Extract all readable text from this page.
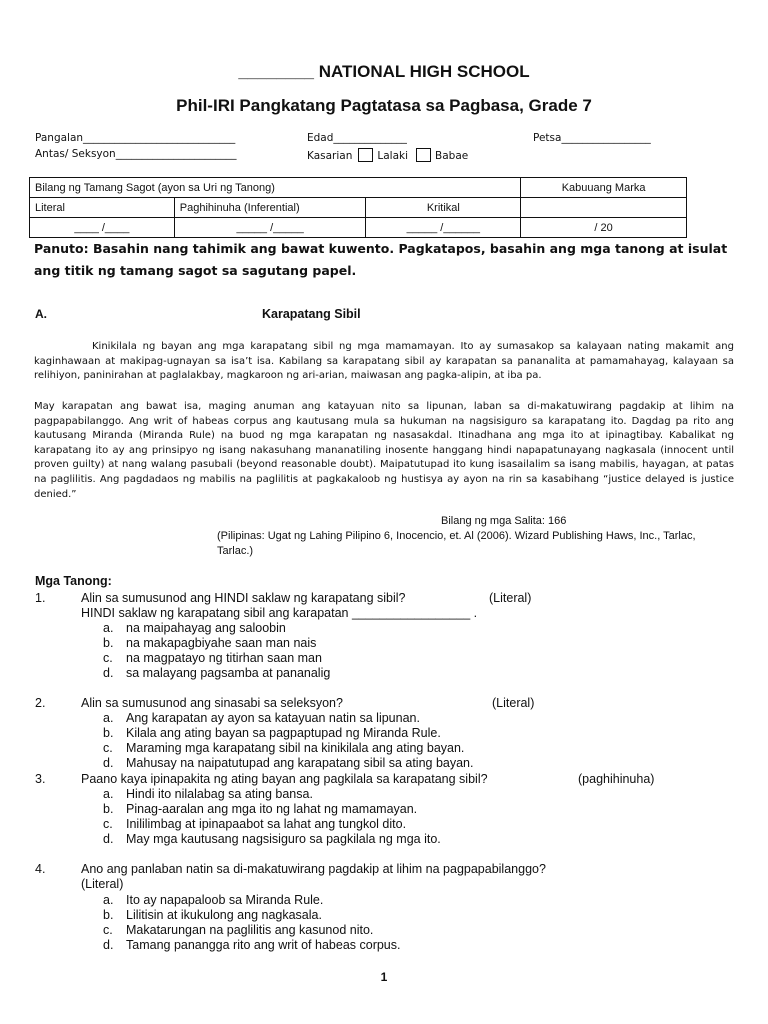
________ NATIONAL HIGH SCHOOL
Phil-IRI Pangkatang Pagtatasa sa Pagbasa, Grade 7
Pangalan_____________________________
Antas/ Seksyon_______________________
Edad______________
Kasarian Lalaki	Babae
Petsa_________________
Bilang ng Tamang Sagot (ayon sa Uri ng Tanong)			Kabuuang Marka
Literal	Paghihinuha (Inferential)	Kritikal	
____ /____	_____ /_____	_____ /______	/ 20
Panuto: Basahin nang tahimik ang bawat kuwento. Pagkatapos, basahin ang mga tanong at isulat ang titik ng tamang sagot sa sagutang papel.
A.	Karapatang Sibil
Kinikilala ng bayan ang mga karapatang sibil ng mga mamamayan. Ito ay sumasakop sa kalayaan nating makamit ang kaginhawaan at makipag-ugnayan sa isa’t isa. Kabilang sa karapatang sibil ay karapatan sa pananalita at pamamahayag, kalayaan sa relihiyon, paninirahan at paglalakbay, magkaroon ng ari-arian, maiwasan ang pagka-alipin, at iba pa.
May karapatan ang bawat isa, maging anuman ang katayuan nito sa lipunan, laban sa di-makatuwirang pagdakip at lihim na pagpapabilanggo. Ang writ of habeas corpus ang kautusang mula sa hukuman na nagsisiguro sa karapatang ito. Dagdag pa rito ang kautusang Miranda (Miranda Rule) na buod ng mga karapatan ng nasasakdal. Itinadhana ang mga ito at ipinagtibay. Kabalikat ng karapatang ito ay ang prinsipyo ng isang nakasuhang mananatiling inosente hanggang hindi napapatunayang nagkasala (innocent until proven guilty) at nang walang pasubali (beyond reasonable doubt). Maipatutupad ito kung isasailalim sa isang mabilis, hayagan, at patas na paglilitis. Ang pagdadaos ng mabilis na paglilitis at pagkakaloob ng hustisya ay ayon na rin sa kasabihang “justice delayed is justice denied.”
Bilang ng mga Salita: 166
(Pilipinas: Ugat ng Lahing Pilipino 6, Inocencio, et. Al (2006). Wizard Publishing Haws, Inc., Tarlac, Tarlac.)
Mga Tanong:
1.	Alin sa sumusunod ang HINDI saklaw ng karapatang sibil?	(Literal)
HINDI saklaw ng karapatang sibil ang karapatan _________________ .
a. na maipahayag ang saloobin
b. na makapagbiyahe saan man nais
c. na magpatayo ng titirhan saan man
d. sa malayang pagsamba at pananalig
2.	Alin sa sumusunod ang sinasabi sa seleksyon?	(Literal)
a. Ang karapatan ay ayon sa katayuan natin sa lipunan.
b. Kilala ang ating bayan sa pagpaptupad ng Miranda Rule.
c. Maraming mga karapatang sibil na kinikilala ang ating bayan.
d. Mahusay na naipatutupad ang karapatang sibil sa ating bayan.
3.	Paano kaya ipinapakita ng ating bayan ang pagkilala sa karapatang sibil?	(paghihinuha)
a. Hindi ito nilalabag sa ating bansa.
b. Pinag-aaralan ang mga ito ng lahat ng mamamayan.
c. Inililimbag at ipinapaabot sa lahat ang tungkol dito.
d. May mga kautusang nagsisiguro sa pagkilala ng mga ito.
4.	Ano ang panlaban natin sa di-makatuwirang pagdakip at lihim na pagpapabilanggo?
(Literal)
a. Ito ay napapaloob sa Miranda Rule.
b. Lilitisin at ikukulong ang nagkasala.
c. Makatarungan na paglilitis ang kasunod nito.
d. Tamang panangga rito ang writ of habeas corpus.
1
